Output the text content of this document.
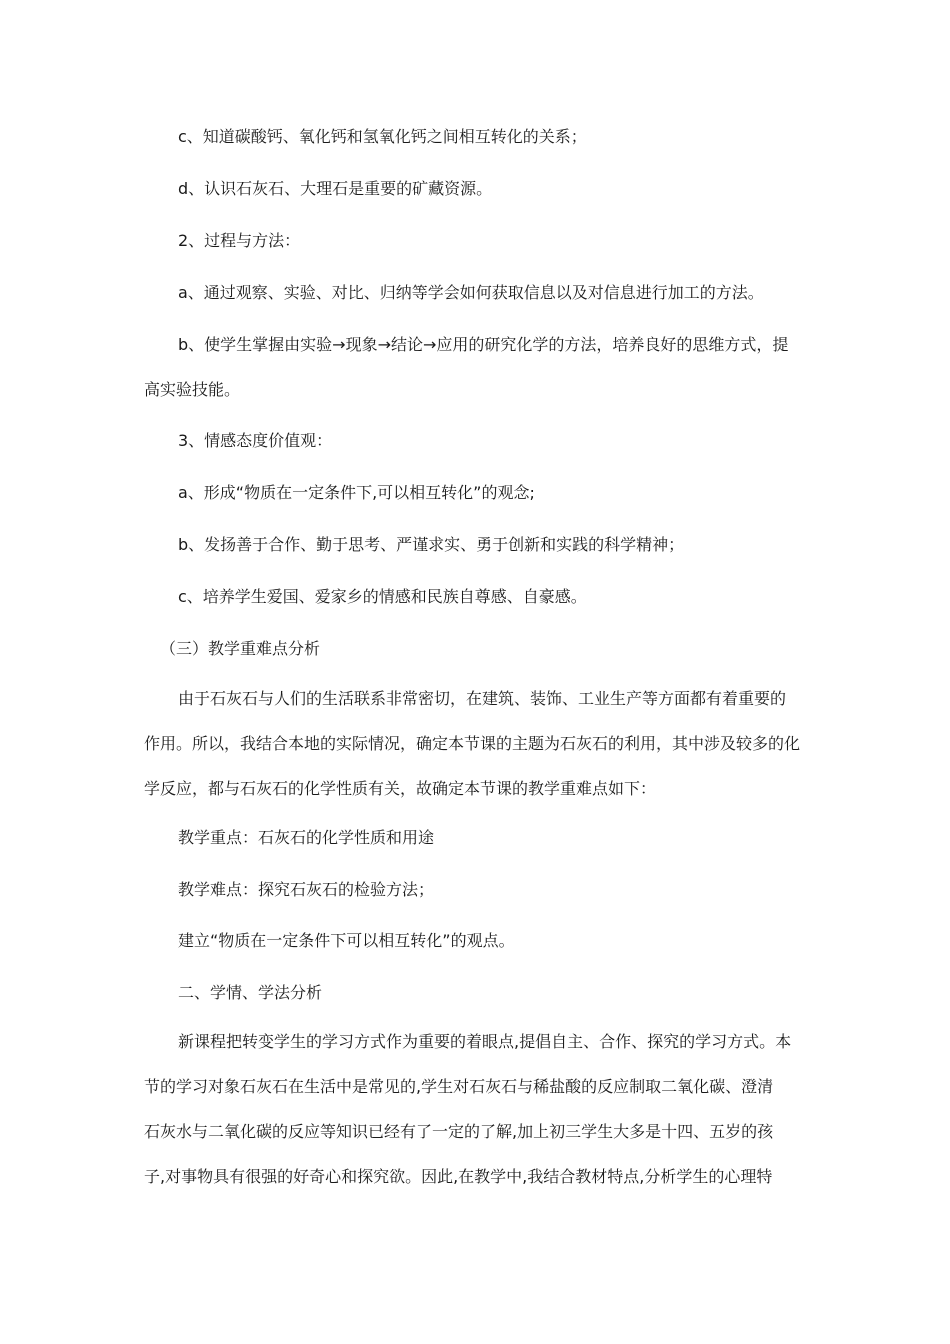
c、知道碳酸钙、氧化钙和氢氧化钙之间相互转化的关系；
d、认识石灰石、大理石是重要的矿藏资源。
2、过程与方法：
a、通过观察、实验、对比、归纳等学会如何获取信息以及对信息进行加工的方法。
b、使学生掌握由实验→现象→结论→应用的研究化学的方法，培养良好的思维方式，提
高实验技能。
3、情感态度价值观：
a、形成“物质在一定条件下,可以相互转化”的观念;
b、发扬善于合作、勤于思考、严谨求实、勇于创新和实践的科学精神；
c、培养学生爱国、爱家乡的情感和民族自尊感、自豪感。
（三）教学重难点分析
由于石灰石与人们的生活联系非常密切，在建筑、装饰、工业生产等方面都有着重要的
作用。所以，我结合本地的实际情况，确定本节课的主题为石灰石的利用，其中涉及较多的化
学反应，都与石灰石的化学性质有关，故确定本节课的教学重难点如下：
教学重点：石灰石的化学性质和用途
教学难点：探究石灰石的检验方法；
建立“物质在一定条件下可以相互转化”的观点。
二、学情、学法分析
新课程把转变学生的学习方式作为重要的着眼点,提倡自主、合作、探究的学习方式。本
节的学习对象石灰石在生活中是常见的,学生对石灰石与稀盐酸的反应制取二氧化碳、澄清
石灰水与二氧化碳的反应等知识已经有了一定的了解,加上初三学生大多是十四、五岁的孩
子,对事物具有很强的好奇心和探究欲。因此,在教学中,我结合教材特点,分析学生的心理特
